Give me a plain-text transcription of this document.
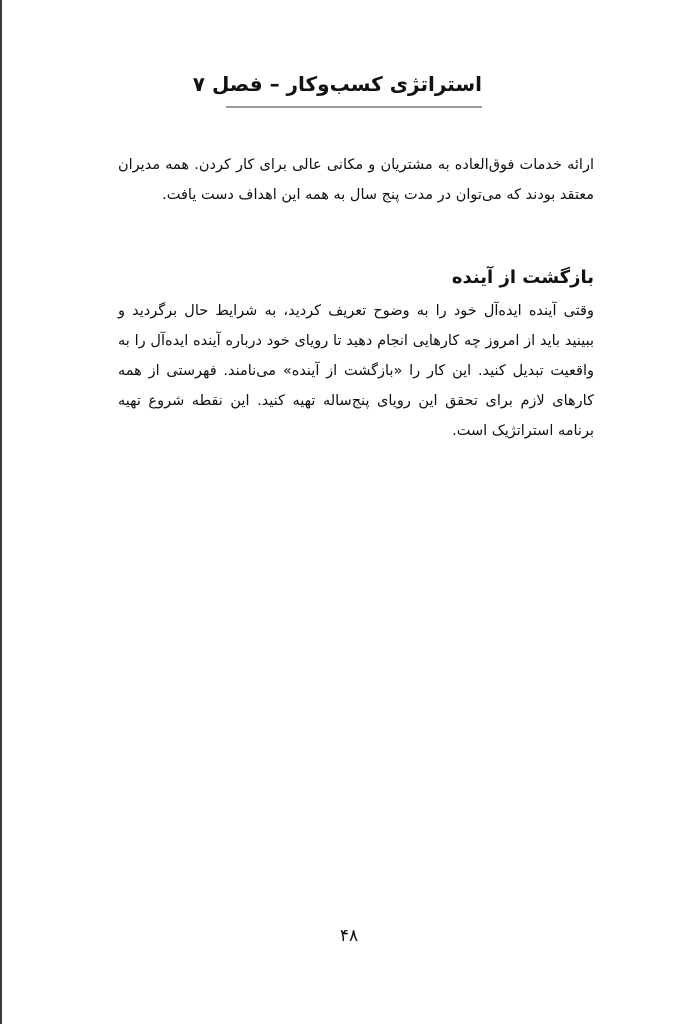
استراتژی کسب‌وکار – فصل ۷

ارائه خدمات فوق‌العاده به مشتریان و مکانی عالی برای کار کردن. همه مدیران معتقد بودند که می‌توان در مدت پنج سال به همه این اهداف دست یافت.

بازگشت از آینده

وقتی آینده ایده‌آل خود را به وضوح تعریف کردید، به شرایط حال برگردید و ببینید باید از امروز چه کارهایی انجام دهید تا رویای خود درباره آینده ایده‌آل را به واقعیت تبدیل کنید. این کار را «بازگشت از آینده» می‌نامند. فهرستی از همه کارهای لازم برای تحقق این رویای پنج‌ساله تهیه کنید. این نقطه شروع تهیه برنامه استراتژیک است.

۴۸
